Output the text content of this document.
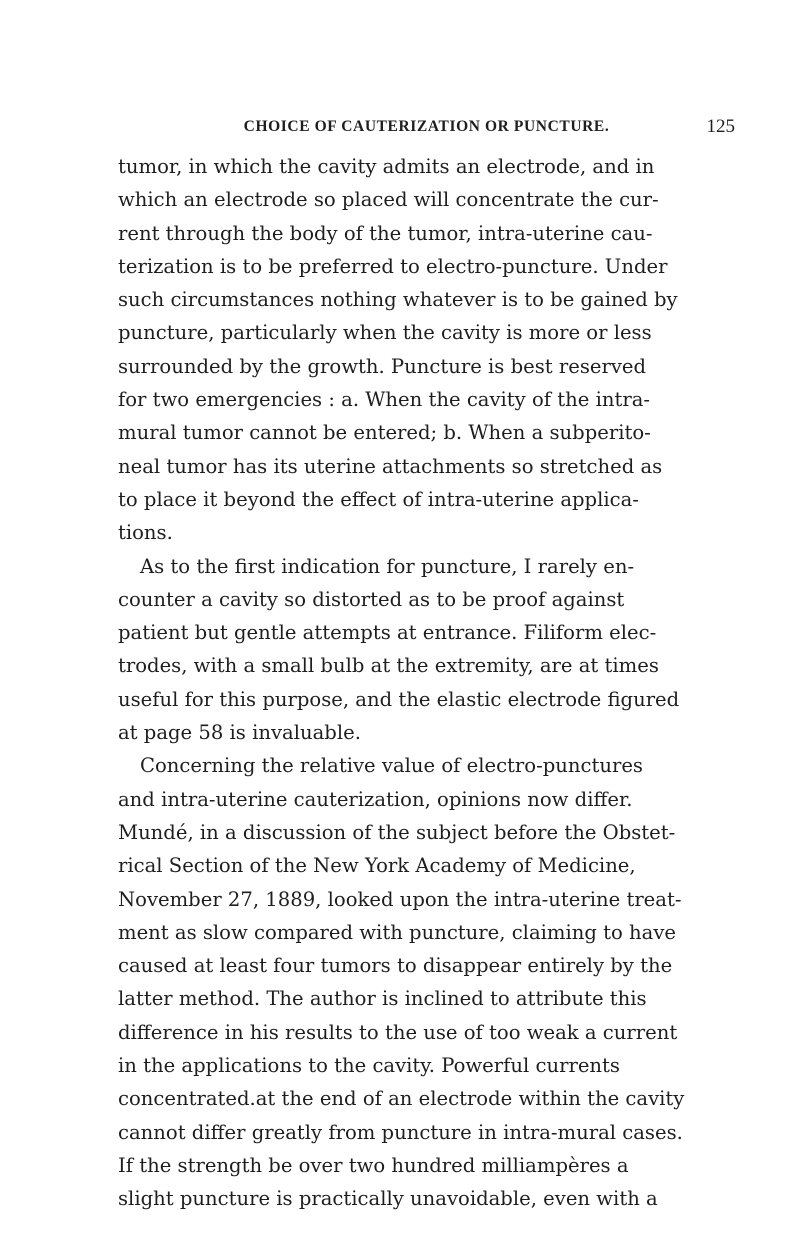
CHOICE OF CAUTERIZATION OR PUNCTURE.	125
tumor, in which the cavity admits an electrode, and in
which an electrode so placed will concentrate the cur-
rent through the body of the tumor, intra-uterine cau-
terization is to be preferred to electro-puncture. Under
such circumstances nothing whatever is to be gained by
puncture, particularly when the cavity is more or less
surrounded by the growth. Puncture is best reserved
for two emergencies : a. When the cavity of the intra-
mural tumor cannot be entered; b. When a subperito-
neal tumor has its uterine attachments so stretched as
to place it beyond the effect of intra-uterine applica-
tions.
As to the first indication for puncture, I rarely en-
counter a cavity so distorted as to be proof against
patient but gentle attempts at entrance. Filiform elec-
trodes, with a small bulb at the extremity, are at times
useful for this purpose, and the elastic electrode figured
at page 58 is invaluable.
Concerning the relative value of electro-punctures
and intra-uterine cauterization, opinions now differ.
Mundé, in a discussion of the subject before the Obstet-
rical Section of the New York Academy of Medicine,
November 27, 1889, looked upon the intra-uterine treat-
ment as slow compared with puncture, claiming to have
caused at least four tumors to disappear entirely by the
latter method. The author is inclined to attribute this
difference in his results to the use of too weak a current
in the applications to the cavity. Powerful currents
concentrated.at the end of an electrode within the cavity
cannot differ greatly from puncture in intra-mural cases.
If the strength be over two hundred milliampères a
slight puncture is practically unavoidable, even with a
